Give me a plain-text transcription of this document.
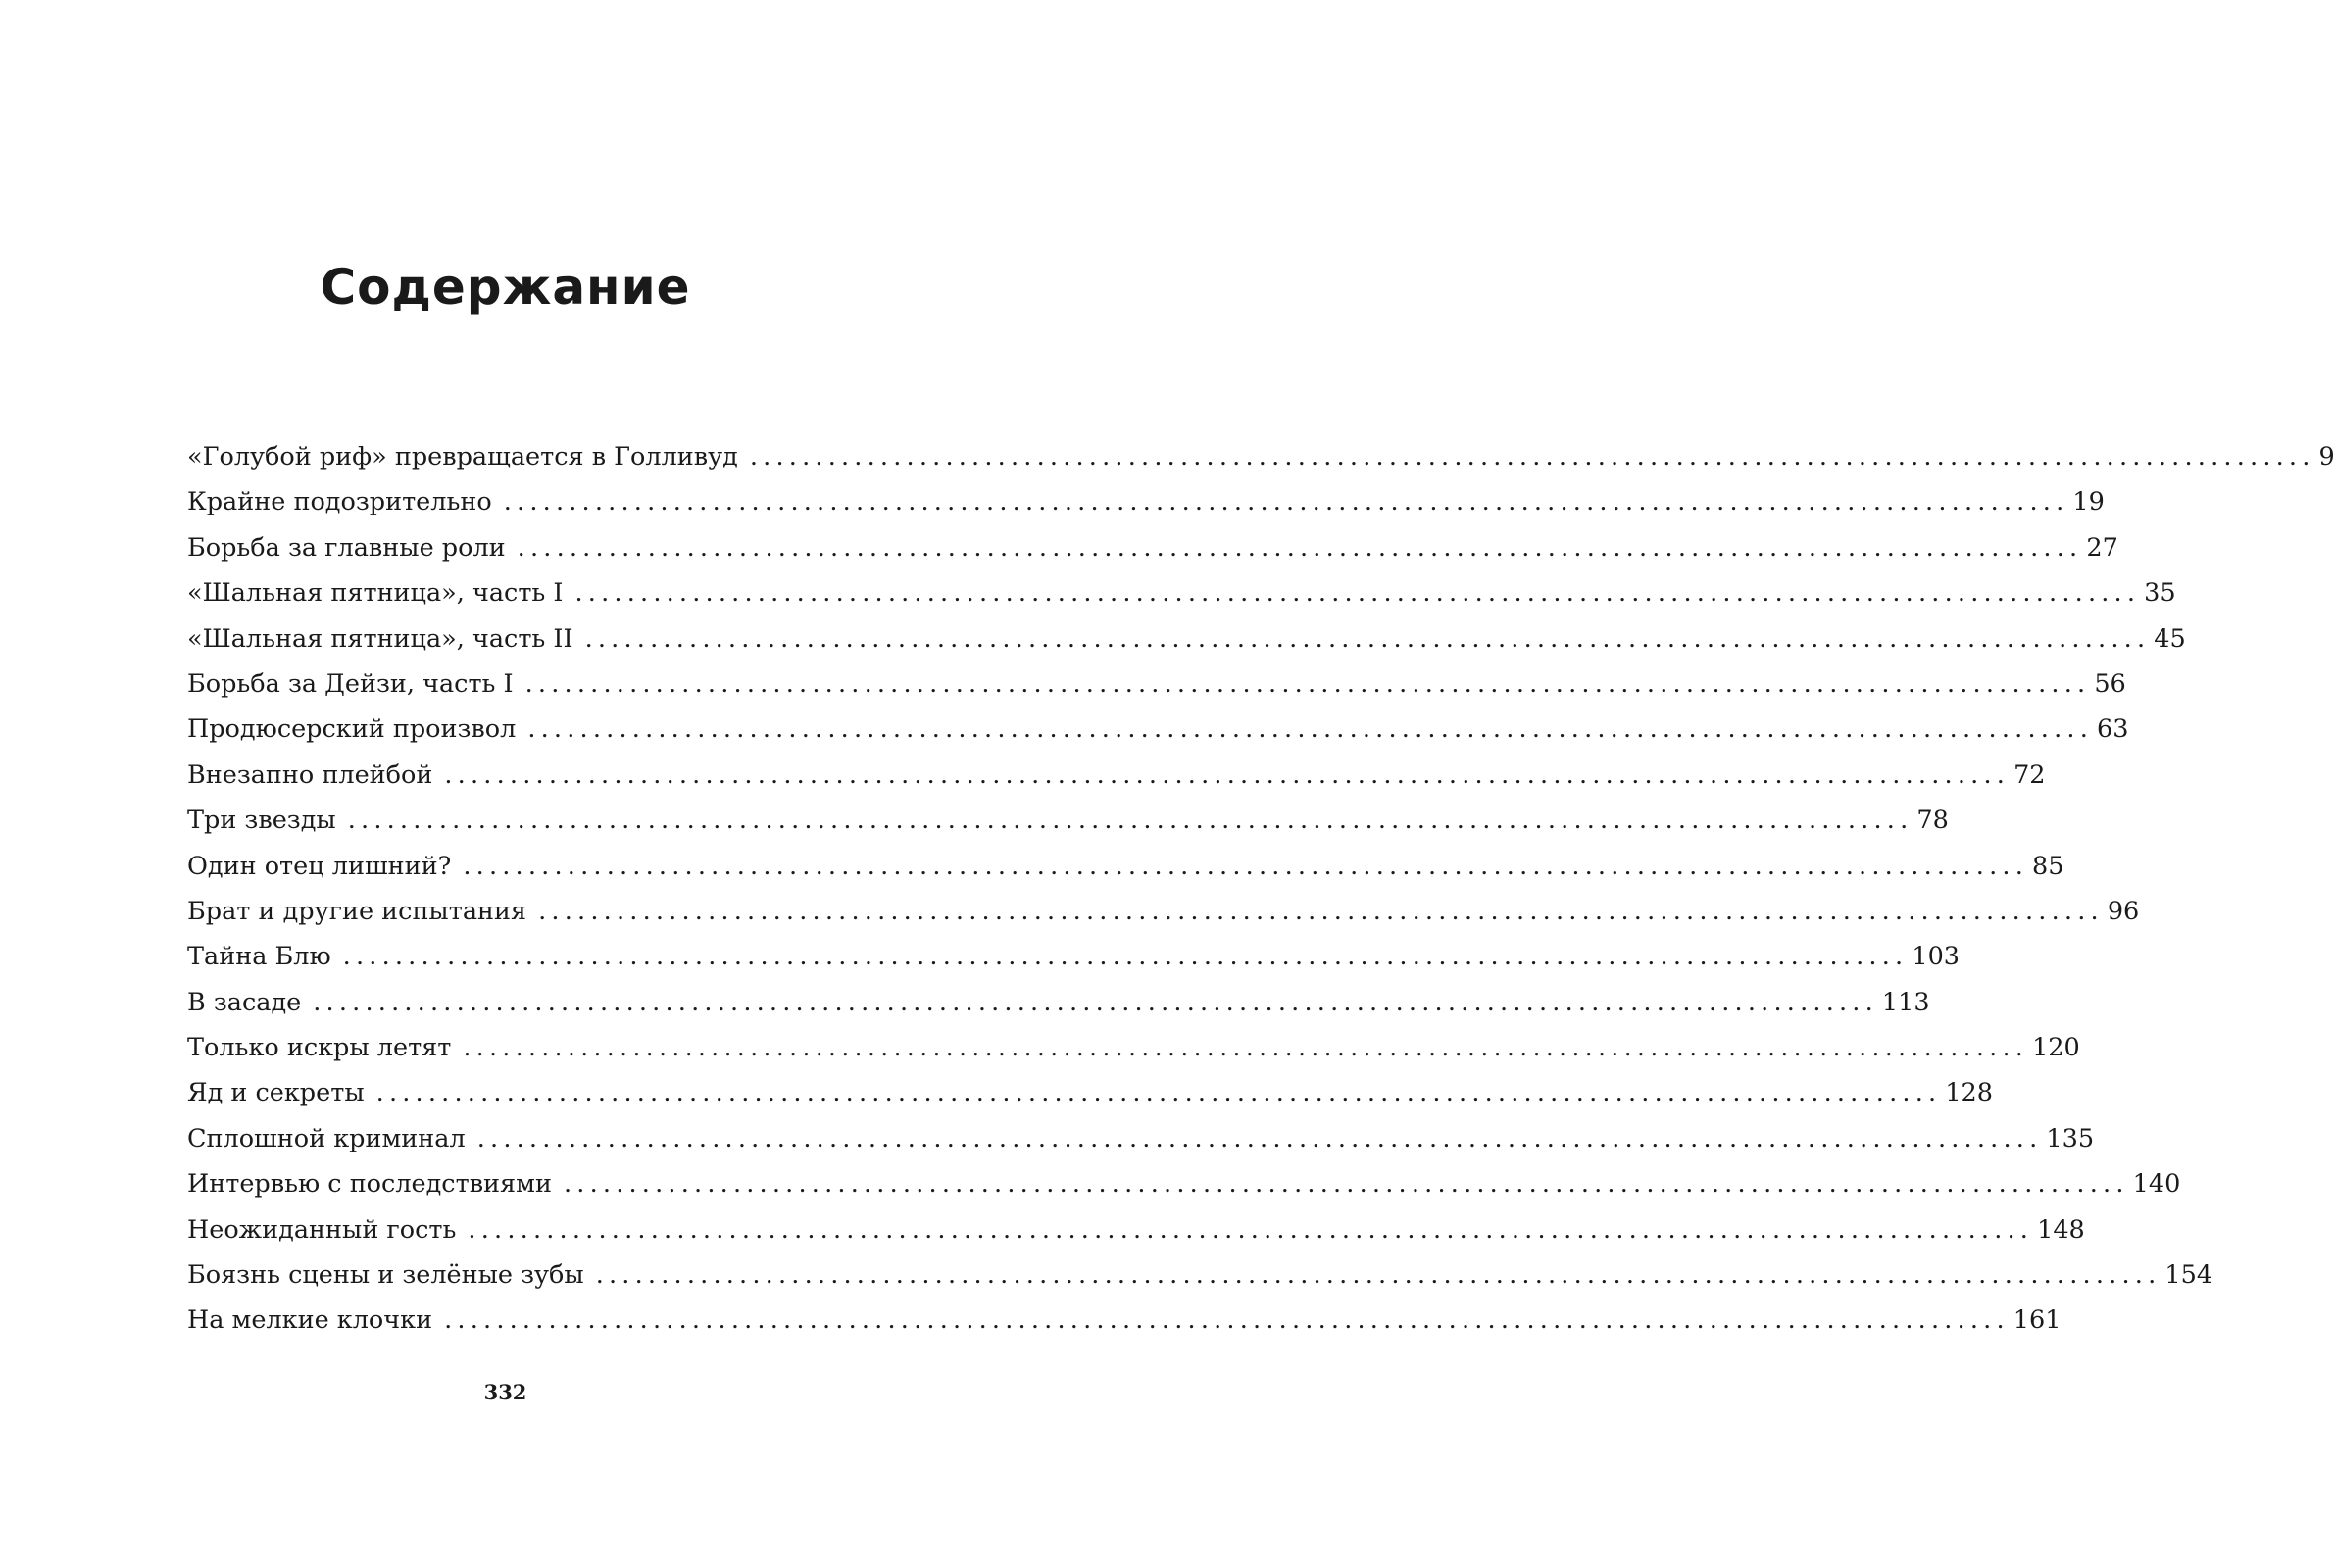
Содержание
«Голубой риф» превращается в Голливуд ........................................................................................................................ 9
Крайне подозрительно ........................................................................................................................ 19
Борьба за главные роли ........................................................................................................................ 27
«Шальная пятница», часть I ........................................................................................................................ 35
«Шальная пятница», часть II ........................................................................................................................ 45
Борьба за Дейзи, часть I ........................................................................................................................ 56
Продюсерский произвол ........................................................................................................................ 63
Внезапно плейбой ........................................................................................................................ 72
Три звезды ........................................................................................................................ 78
Один отец лишний? ........................................................................................................................ 85
Брат и другие испытания ........................................................................................................................ 96
Тайна Блю ........................................................................................................................ 103
В засаде ........................................................................................................................ 113
Только искры летят ........................................................................................................................ 120
Яд и секреты ........................................................................................................................ 128
Сплошной криминал ........................................................................................................................ 135
Интервью с последствиями ........................................................................................................................ 140
Неожиданный гость ........................................................................................................................ 148
Боязнь сцены и зелёные зубы ........................................................................................................................ 154
На мелкие клочки ........................................................................................................................ 161
332
